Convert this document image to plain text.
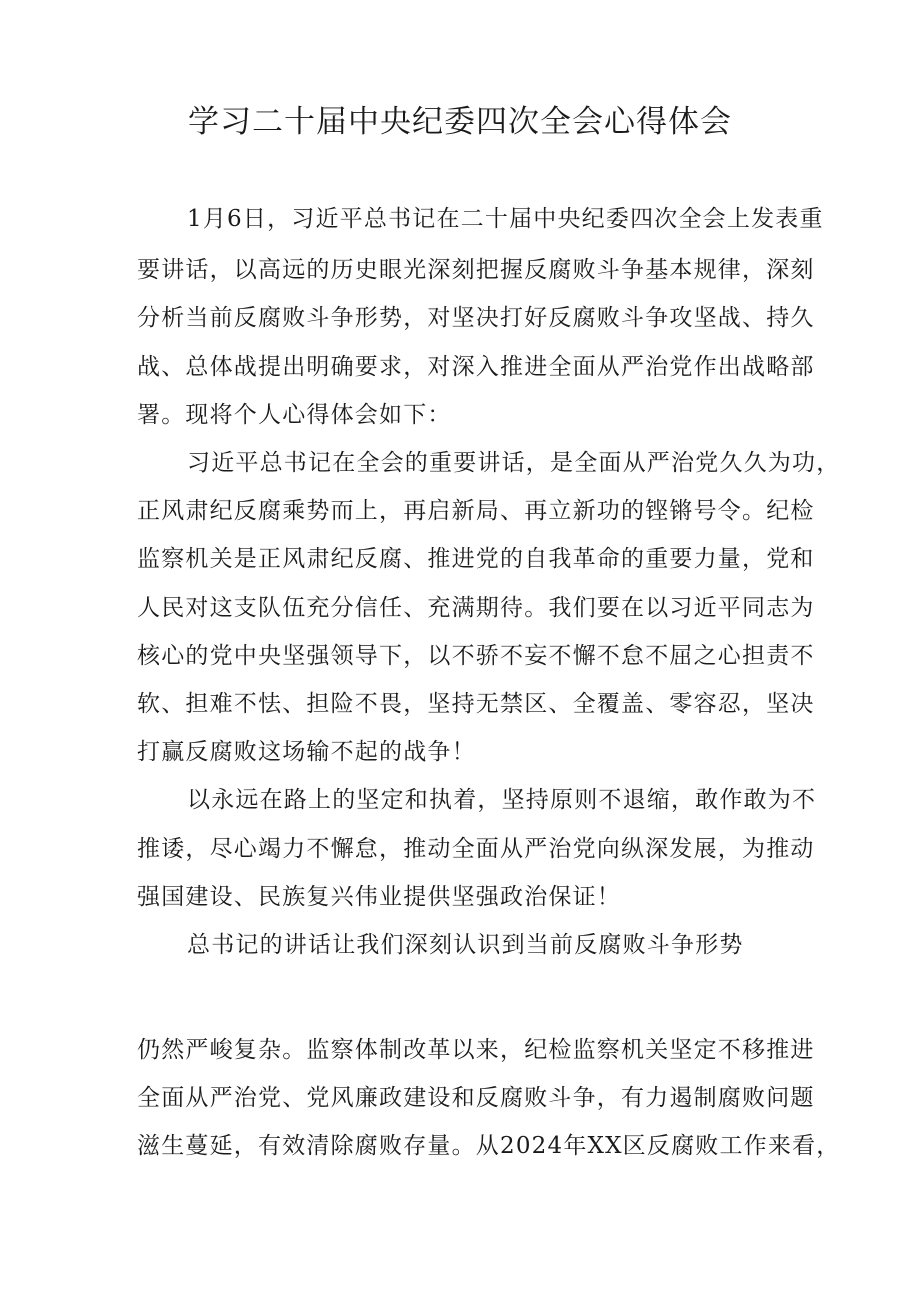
学习二十届中央纪委四次全会心得体会

1月6日，习近平总书记在二十届中央纪委四次全会上发表重

要讲话，以高远的历史眼光深刻把握反腐败斗争基本规律，深刻

分析当前反腐败斗争形势，对坚决打好反腐败斗争攻坚战、持久

战、总体战提出明确要求，对深入推进全面从严治党作出战略部

署。现将个人心得体会如下：

习近平总书记在全会的重要讲话，是全面从严治党久久为功，

正风肃纪反腐乘势而上，再启新局、再立新功的铿锵号令。纪检

监察机关是正风肃纪反腐、推进党的自我革命的重要力量，党和

人民对这支队伍充分信任、充满期待。我们要在以习近平同志为

核心的党中央坚强领导下，以不骄不妄不懈不怠不屈之心担责不

软、担难不怯、担险不畏，坚持无禁区、全覆盖、零容忍，坚决

打赢反腐败这场输不起的战争！

以永远在路上的坚定和执着，坚持原则不退缩，敢作敢为不

推诿，尽心竭力不懈怠，推动全面从严治党向纵深发展，为推动

强国建设、民族复兴伟业提供坚强政治保证！

总书记的讲话让我们深刻认识到当前反腐败斗争形势

仍然严峻复杂。监察体制改革以来，纪检监察机关坚定不移推进

全面从严治党、党风廉政建设和反腐败斗争，有力遏制腐败问题

滋生蔓延，有效清除腐败存量。从2024年XX区反腐败工作来看，
